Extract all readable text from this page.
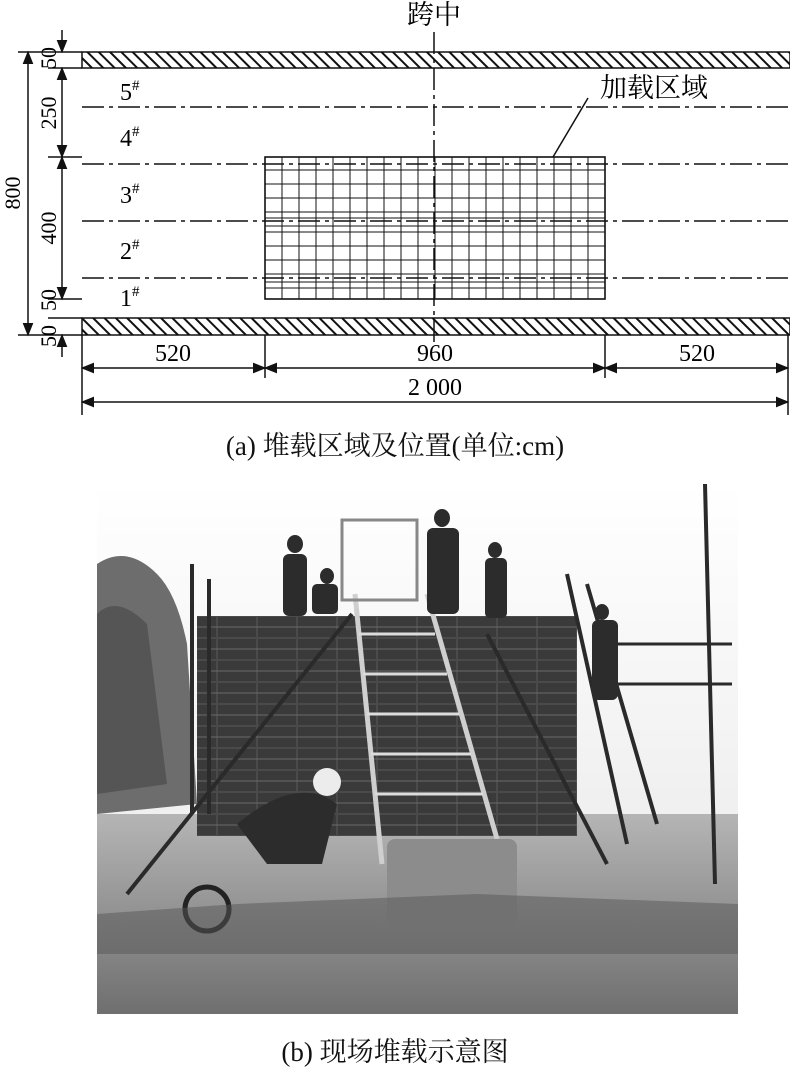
跨中
加载区域
5#
4#
3#
2#
1#
800
50
250
400
50
50
520	960	520
2 000
(a) 堆载区域及位置(单位:cm)
(b) 现场堆载示意图
